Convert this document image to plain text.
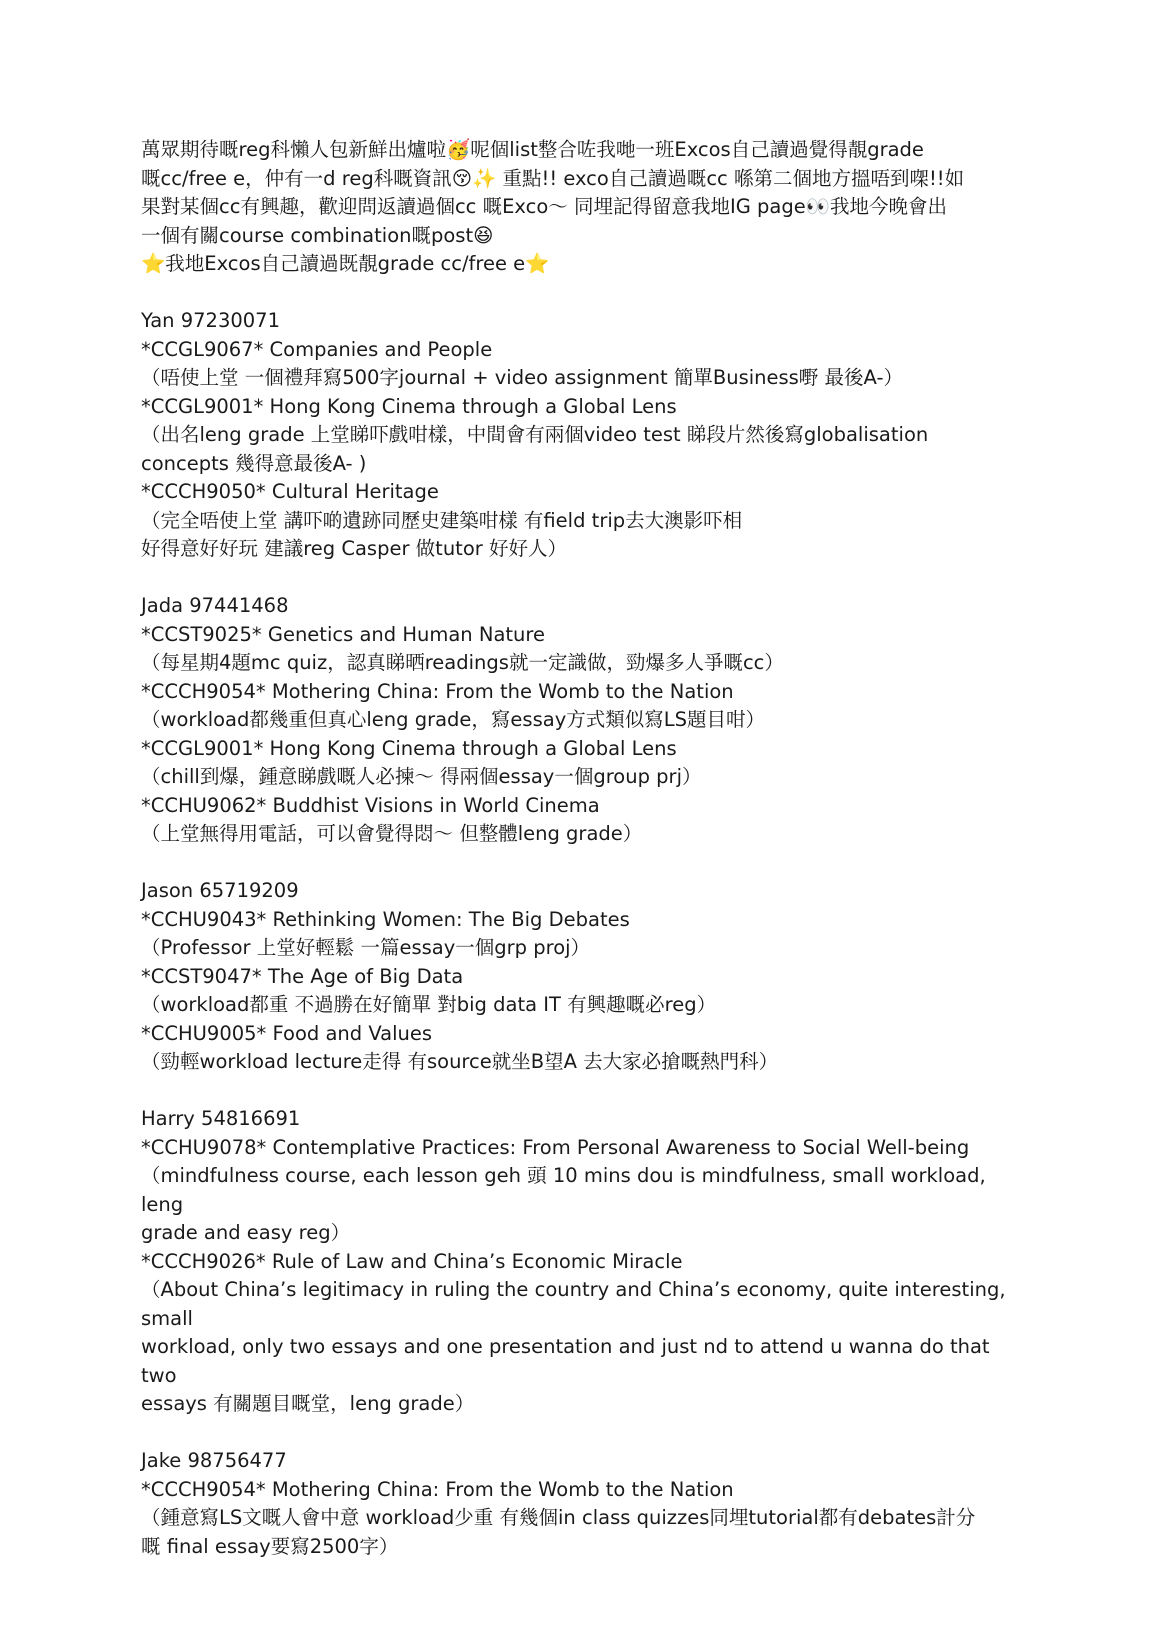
萬眾期待嘅reg科懶人包新鮮出爐啦🥳呢個list整合咗我哋一班Excos自己讀過覺得靚grade

嘅cc/free e，仲有一d reg科嘅資訊😚✨ 重點!! exco自己讀過嘅cc 喺第二個地方搵唔到㗎!!如

果對某個cc有興趣，歡迎問返讀過個cc 嘅Exco～ 同埋記得留意我地IG page👀我地今晚會出

一個有關course combination嘅post😆

⭐️我地Excos自己讀過既靚grade cc/free e⭐️

Yan 97230071

*CCGL9067* Companies and People

（唔使上堂 一個禮拜寫500字journal + video assignment 簡單Business嘢 最後A-）

*CCGL9001* Hong Kong Cinema through a Global Lens

（出名leng grade 上堂睇吓戲咁樣，中間會有兩個video test 睇段片然後寫globalisation

concepts 幾得意最後A- )

*CCCH9050* Cultural Heritage

（完全唔使上堂 講吓啲遺跡同歷史建築咁樣 有field trip去大澳影吓相

好得意好好玩 建議reg Casper 做tutor 好好人）

Jada 97441468

*CCST9025* Genetics and Human Nature

（每星期4題mc quiz，認真睇晒readings就一定識做，勁爆多人爭嘅cc）

*CCCH9054* Mothering China: From the Womb to the Nation

（workload都幾重但真心leng grade，寫essay方式類似寫LS題目咁）

*CCGL9001* Hong Kong Cinema through a Global Lens

（chill到爆，鍾意睇戲嘅人必揀～ 得兩個essay一個group prj）

*CCHU9062* Buddhist Visions in World Cinema

（上堂無得用電話，可以會覺得悶～ 但整體leng grade）

Jason 65719209

*CCHU9043* Rethinking Women: The Big Debates

（Professor 上堂好輕鬆 一篇essay一個grp proj）

*CCST9047* The Age of Big Data

（workload都重 不過勝在好簡單 對big data IT 有興趣嘅必reg）

*CCHU9005* Food and Values

（勁輕workload lecture走得 有source就坐B望A 去大家必搶嘅熱門科）

Harry 54816691

*CCHU9078* Contemplative Practices: From Personal Awareness to Social Well-being

（mindfulness course, each lesson geh 頭 10 mins dou is mindfulness, small workload, leng

grade and easy reg）

*CCCH9026* Rule of Law and China’s Economic Miracle

（About China’s legitimacy in ruling the country and China’s economy, quite interesting, small

workload, only two essays and one presentation and just nd to attend u wanna do that two

essays 有關題目嘅堂，leng grade）

Jake 98756477

*CCCH9054* Mothering China: From the Womb to the Nation

（鍾意寫LS文嘅人會中意 workload少重 有幾個in class quizzes同埋tutorial都有debates計分

嘅 final essay要寫2500字）
